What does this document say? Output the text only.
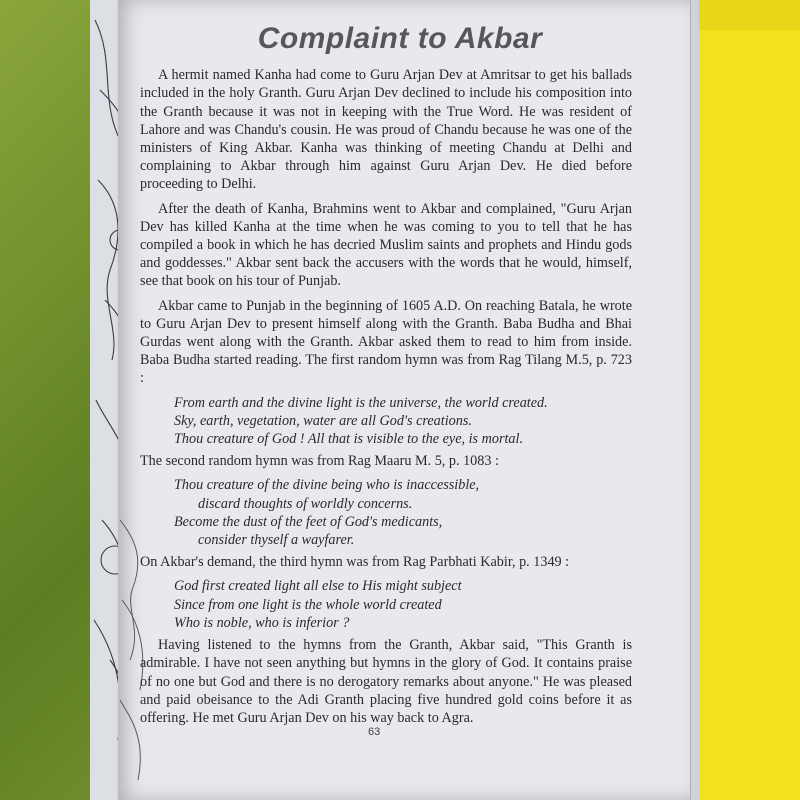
Complaint to Akbar

A hermit named Kanha had come to Guru Arjan Dev at Amritsar to get his ballads included in the holy Granth. Guru Arjan Dev declined to include his composition into the Granth because it was not in keeping with the True Word. He was resident of Lahore and was Chandu's cousin. He was proud of Chandu because he was one of the ministers of King Akbar. Kanha was thinking of meeting Chandu at Delhi and complaining to Akbar through him against Guru Arjan Dev. He died before proceeding to Delhi.

After the death of Kanha, Brahmins went to Akbar and complained, "Guru Arjan Dev has killed Kanha at the time when he was coming to you to tell that he has compiled a book in which he has decried Muslim saints and prophets and Hindu gods and goddesses." Akbar sent back the accusers with the words that he would, himself, see that book on his tour of Punjab.

Akbar came to Punjab in the beginning of 1605 A.D. On reaching Batala, he wrote to Guru Arjan Dev to present himself along with the Granth. Baba Budha and Bhai Gurdas went along with the Granth. Akbar asked them to read to him from inside. Baba Budha started reading. The first random hymn was from Rag Tilang M.5, p. 723 :

From earth and the divine light is the universe, the world created.
Sky, earth, vegetation, water are all God's creations.
Thou creature of God ! All that is visible to the eye, is mortal.

The second random hymn was from Rag Maaru M. 5, p. 1083 :

Thou creature of the divine being who is inaccessible,
discard thoughts of worldly concerns.
Become the dust of the feet of God's medicants,
consider thyself a wayfarer.

On Akbar's demand, the third hymn was from Rag Parbhati Kabir, p. 1349 :

God first created light all else to His might subject
Since from one light is the whole world created
Who is noble, who is inferior ?

Having listened to the hymns from the Granth, Akbar said, "This Granth is admirable. I have not seen anything but hymns in the glory of God. It contains praise of no one but God and there is no derogatory remarks about anyone." He was pleased and paid obeisance to the Adi Granth placing five hundred gold coins before it as offering. He met Guru Arjan Dev on his way back to Agra.

63
